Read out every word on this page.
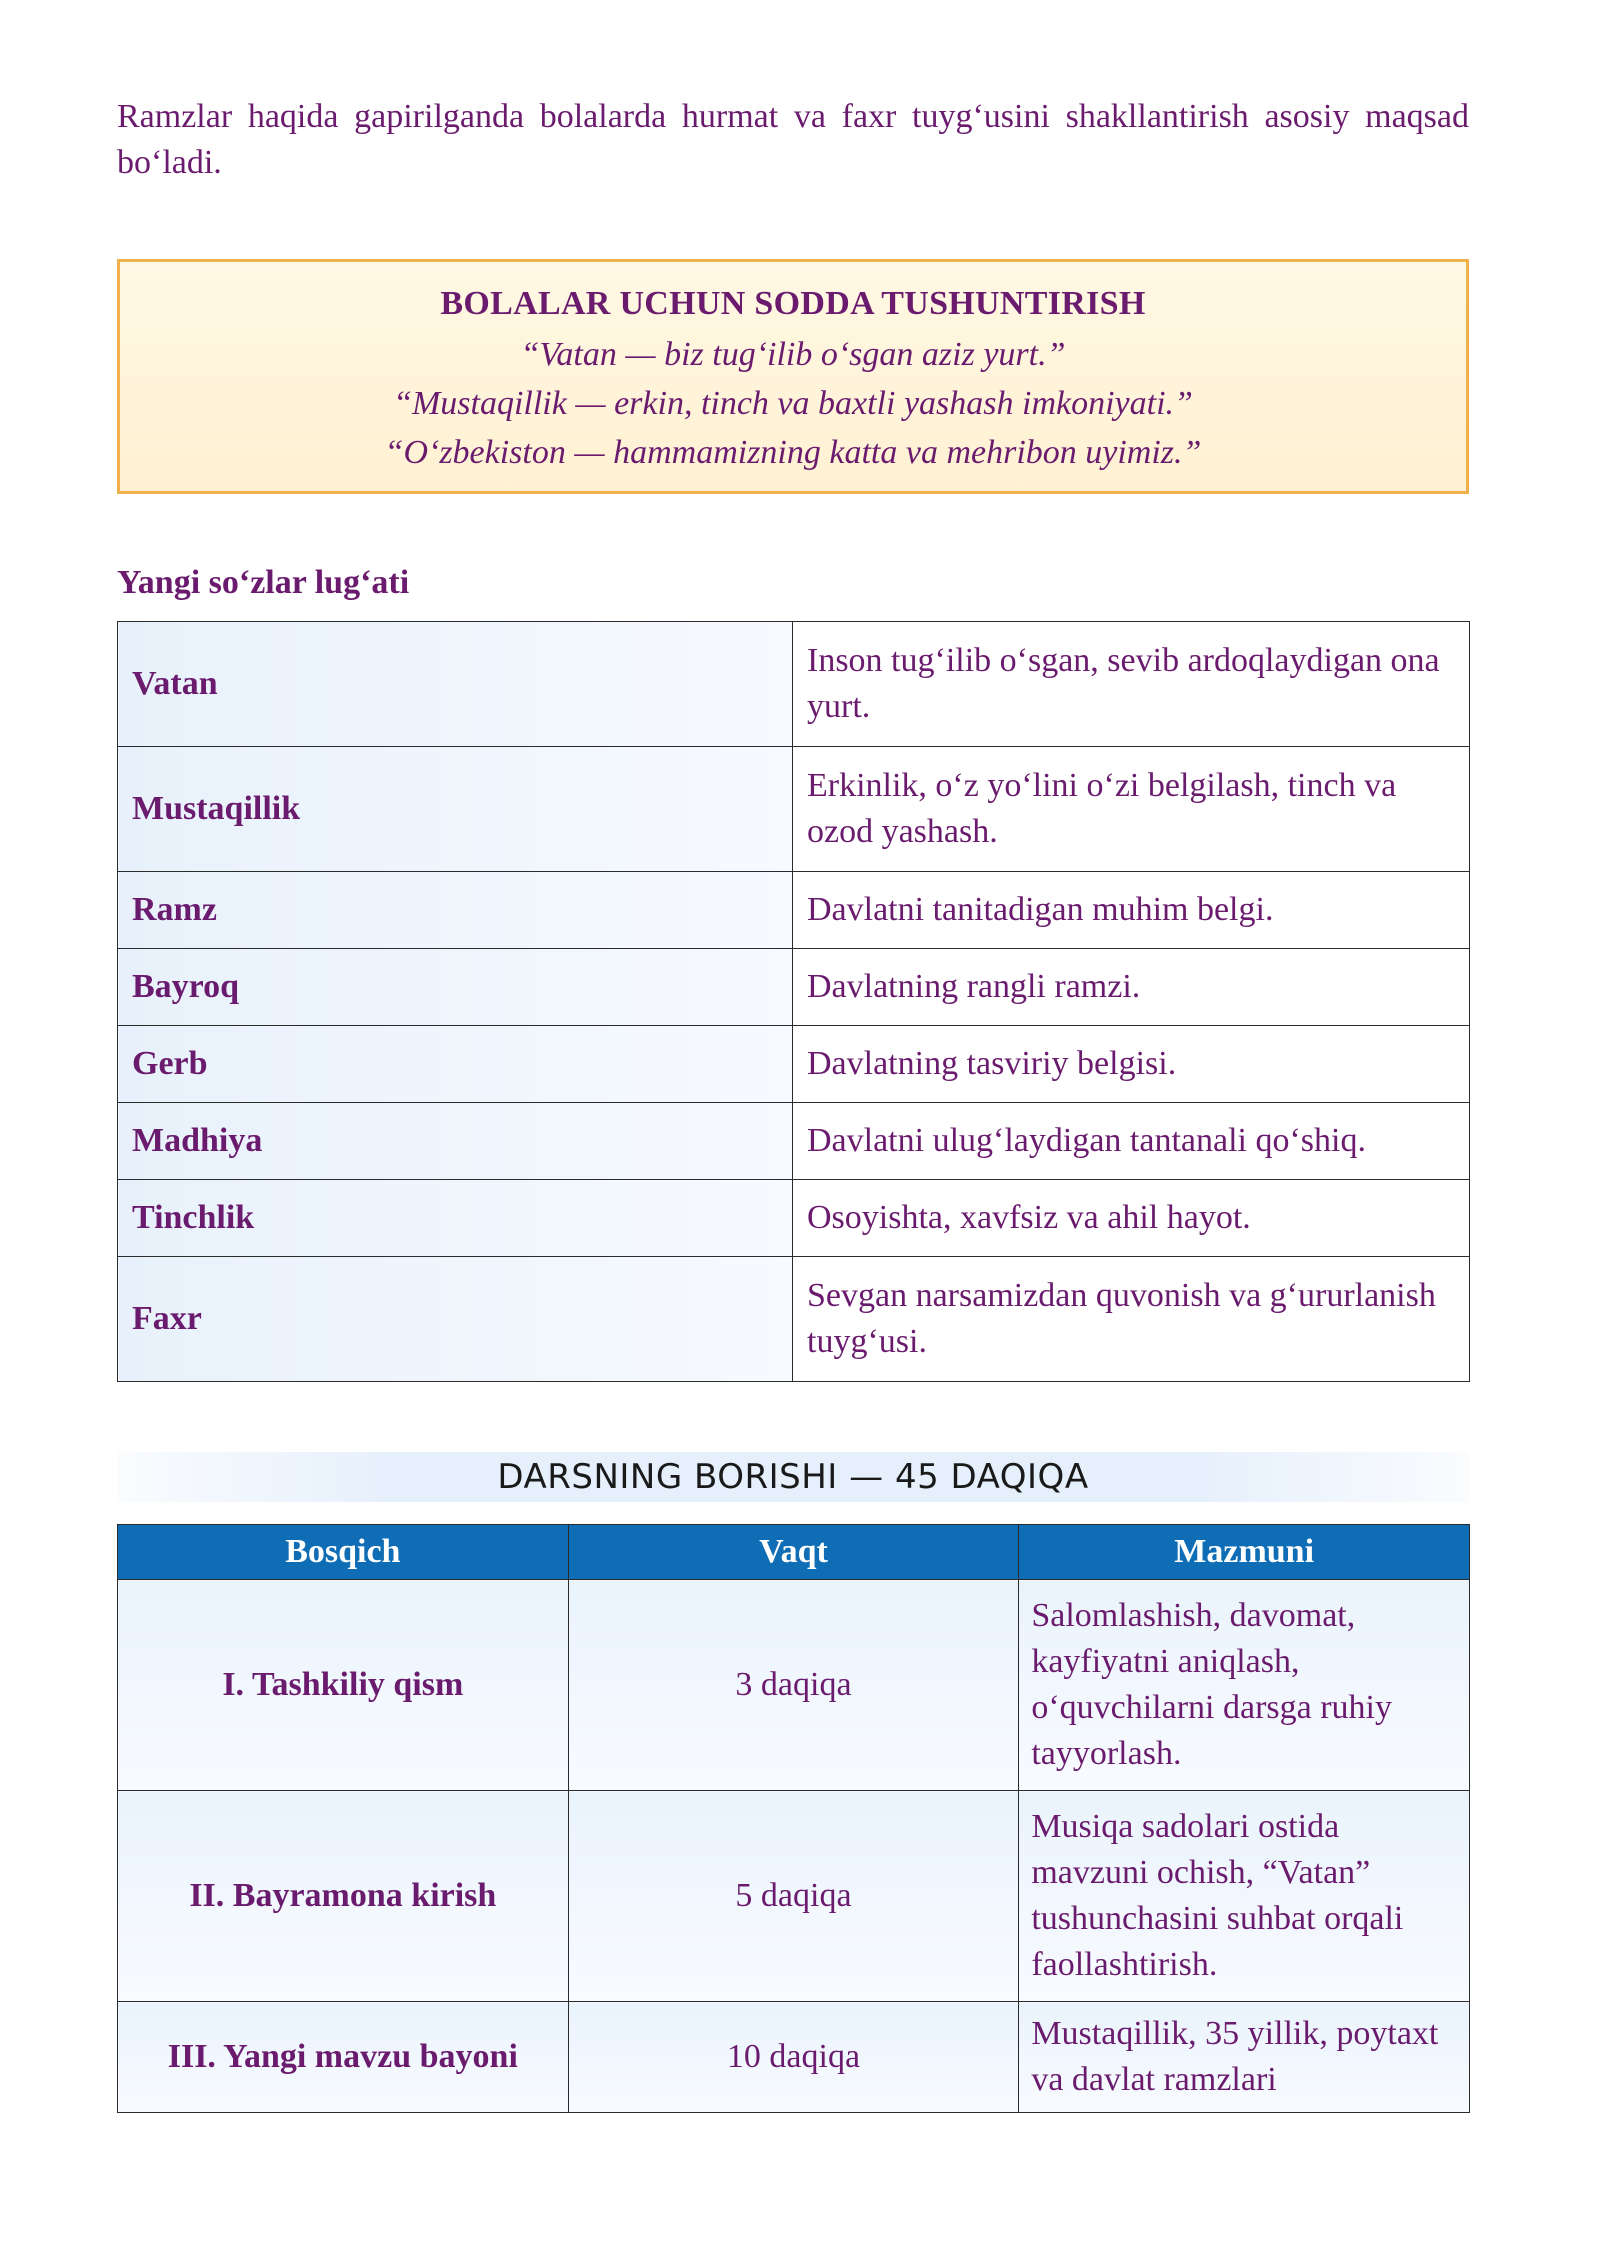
Ramzlar haqida gapirilganda bolalarda hurmat va faxr tuyg‘usini shakllantirish asosiy maqsad bo‘ladi.

BOLALAR UCHUN SODDA TUSHUNTIRISH
“Vatan — biz tug‘ilib o‘sgan aziz yurt.”
“Mustaqillik — erkin, tinch va baxtli yashash imkoniyati.”
“O‘zbekiston — hammamizning katta va mehribon uyimiz.”
Yangi so‘zlar lug‘ati
Vatan	Inson tug‘ilib o‘sgan, sevib ardoqlaydigan ona yurt.
Mustaqillik	Erkinlik, o‘z yo‘lini o‘zi belgilash, tinch va ozod yashash.
Ramz	Davlatni tanitadigan muhim belgi.
Bayroq	Davlatning rangli ramzi.
Gerb	Davlatning tasviriy belgisi.
Madhiya	Davlatni ulug‘laydigan tantanali qo‘shiq.
Tinchlik	Osoyishta, xavfsiz va ahil hayot.
Faxr	Sevgan narsamizdan quvonish va g‘ururlanish tuyg‘usi.
DARSNING BORISHI — 45 DAQIQA
Bosqich	Vaqt	Mazmuni
I. Tashkiliy qism	3 daqiqa	Salomlashish, davomat, kayfiyatni aniqlash, o‘quvchilarni darsga ruhiy tayyorlash.
II. Bayramona kirish	5 daqiqa	Musiqa sadolari ostida mavzuni ochish, “Vatan” tushunchasini suhbat orqali faollashtirish.
III. Yangi mavzu bayoni	10 daqiqa	Mustaqillik, 35 yillik, poytaxt va davlat ramzlari
